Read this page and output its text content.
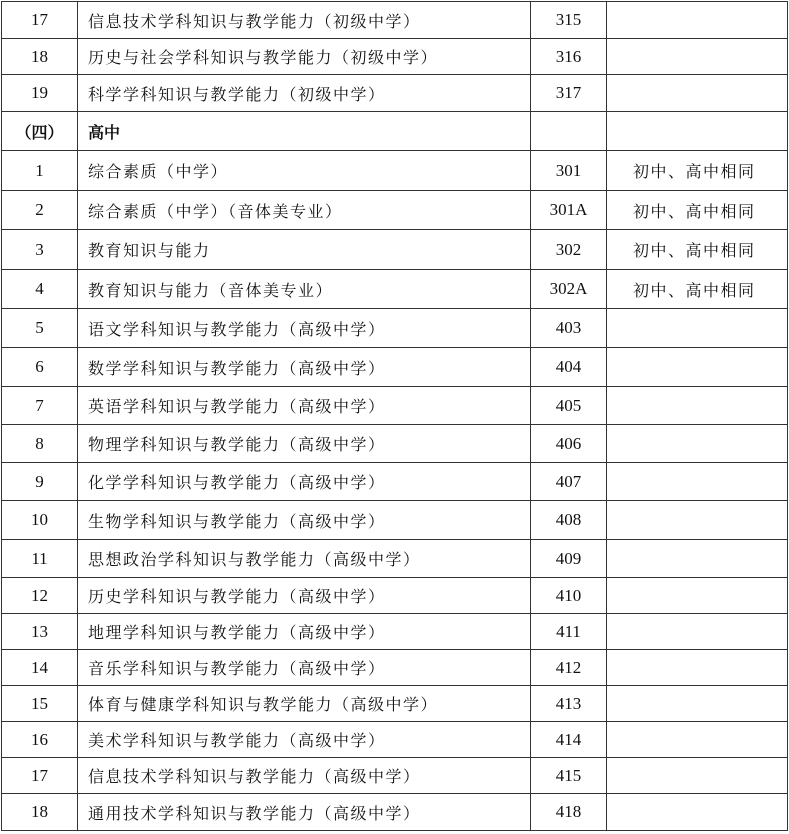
17	信息技术学科知识与教学能力（初级中学）	315	
18	历史与社会学科知识与教学能力（初级中学）	316	
19	科学学科知识与教学能力（初级中学）	317	
（四）	高中		
1	综合素质（中学）	301	初中、高中相同
2	综合素质（中学）（音体美专业）	301A	初中、高中相同
3	教育知识与能力	302	初中、高中相同
4	教育知识与能力（音体美专业）	302A	初中、高中相同
5	语文学科知识与教学能力（高级中学）	403	
6	数学学科知识与教学能力（高级中学）	404	
7	英语学科知识与教学能力（高级中学）	405	
8	物理学科知识与教学能力（高级中学）	406	
9	化学学科知识与教学能力（高级中学）	407	
10	生物学科知识与教学能力（高级中学）	408	
11	思想政治学科知识与教学能力（高级中学）	409	
12	历史学科知识与教学能力（高级中学）	410	
13	地理学科知识与教学能力（高级中学）	411	
14	音乐学科知识与教学能力（高级中学）	412	
15	体育与健康学科知识与教学能力（高级中学）	413	
16	美术学科知识与教学能力（高级中学）	414	
17	信息技术学科知识与教学能力（高级中学）	415	
18	通用技术学科知识与教学能力（高级中学）	418	
